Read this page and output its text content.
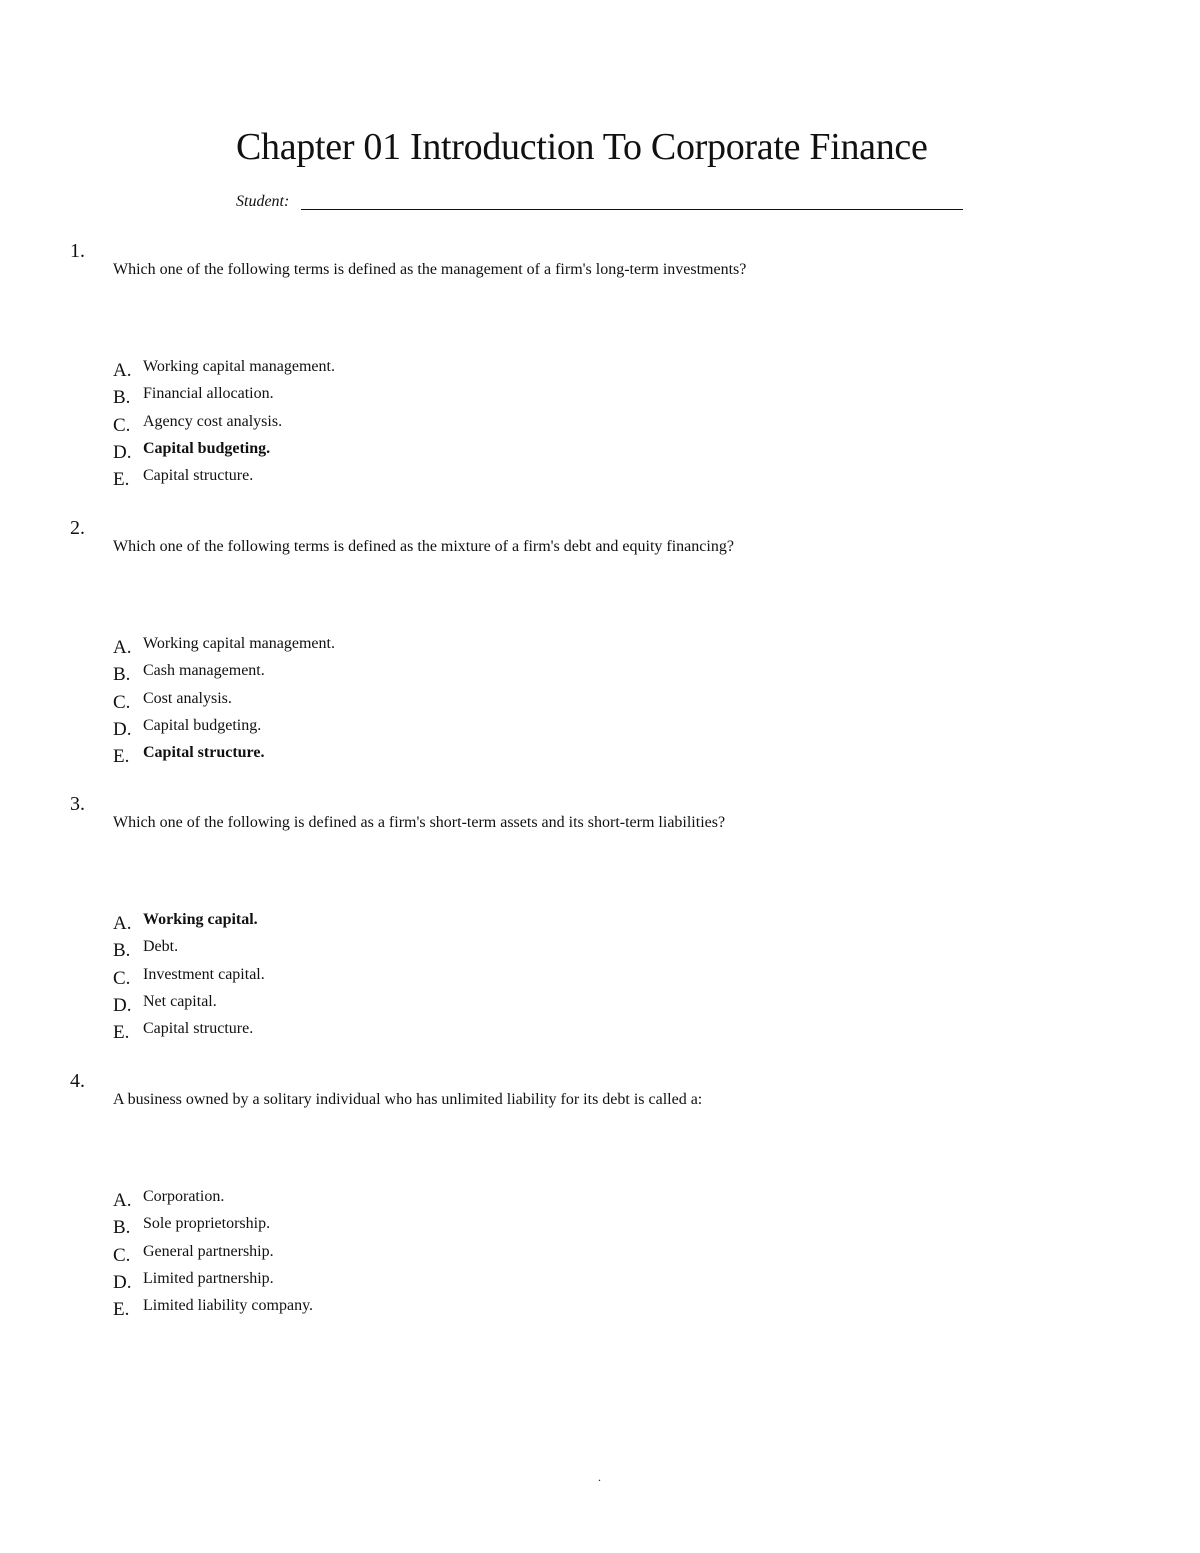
Chapter 01 Introduction To Corporate Finance
Student:
1.
Which one of the following terms is defined as the management of a firm's long-term investments?
A. Working capital management.
B. Financial allocation.
C. Agency cost analysis.
D. Capital budgeting.
E. Capital structure.
2.
Which one of the following terms is defined as the mixture of a firm's debt and equity financing?
A. Working capital management.
B. Cash management.
C. Cost analysis.
D. Capital budgeting.
E. Capital structure.
3.
Which one of the following is defined as a firm's short-term assets and its short-term liabilities?
A. Working capital.
B. Debt.
C. Investment capital.
D. Net capital.
E. Capital structure.
4.
A business owned by a solitary individual who has unlimited liability for its debt is called a:
A. Corporation.
B. Sole proprietorship.
C. General partnership.
D. Limited partnership.
E. Limited liability company.
.
